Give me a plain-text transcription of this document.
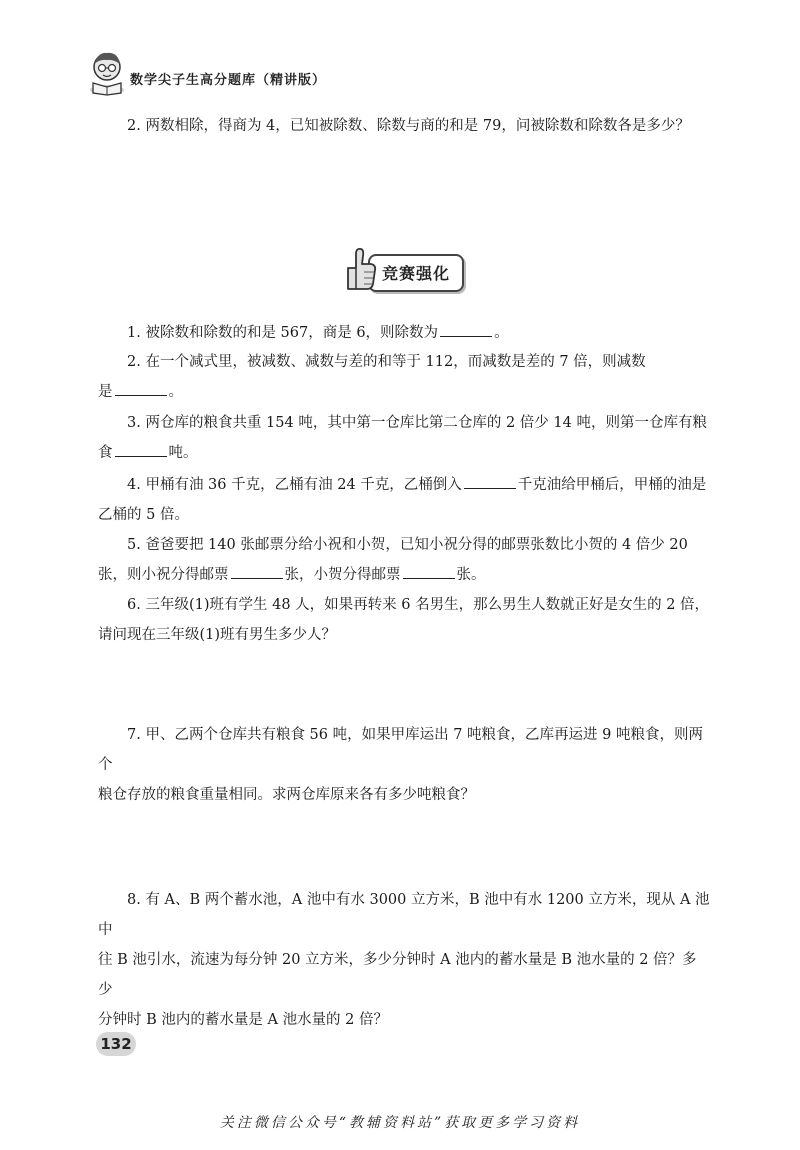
数学尖子生高分题库（精讲版）

2. 两数相除，得商为 4，已知被除数、除数与商的和是 79，问被除数和除数各是多少？

竞赛强化

1. 被除数和除数的和是 567，商是 6，则除数为	。

2. 在一个减式里，被减数、减数与差的和等于 112，而减数是差的 7 倍，则减数

是	。

3. 两仓库的粮食共重 154 吨，其中第一仓库比第二仓库的 2 倍少 14 吨，则第一仓库有粮

食	吨。

4. 甲桶有油 36 千克，乙桶有油 24 千克，乙桶倒入	千克油给甲桶后，甲桶的油是

乙桶的 5 倍。

5. 爸爸要把 140 张邮票分给小祝和小贺，已知小祝分得的邮票张数比小贺的 4 倍少 20

张，则小祝分得邮票	张，小贺分得邮票	张。

6. 三年级(1)班有学生 48 人，如果再转来 6 名男生，那么男生人数就正好是女生的 2 倍，

请问现在三年级(1)班有男生多少人？

7. 甲、乙两个仓库共有粮食 56 吨，如果甲库运出 7 吨粮食，乙库再运进 9 吨粮食，则两个

粮仓存放的粮食重量相同。求两仓库原来各有多少吨粮食？

8. 有 A、B 两个蓄水池，A 池中有水 3000 立方米，B 池中有水 1200 立方米，现从 A 池中

往 B 池引水，流速为每分钟 20 立方米，多少分钟时 A 池内的蓄水量是 B 池水量的 2 倍？多少
分钟时 B 池内的蓄水量是 A 池水量的 2 倍？
132
关注微信公众号“教辅资料站”获取更多学习资料
